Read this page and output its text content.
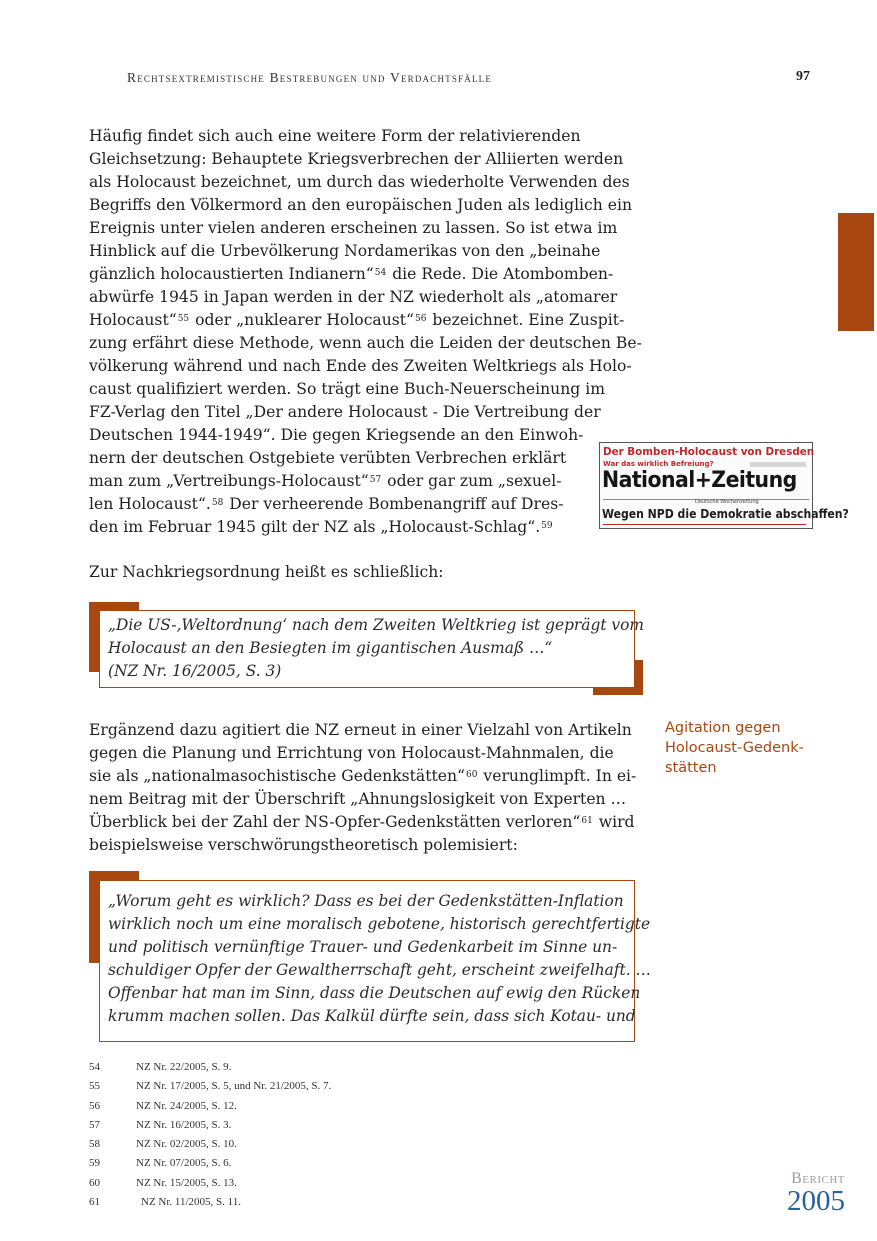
Rechtsextremistische Bestrebungen und Verdachtsfälle	97
Häufig findet sich auch eine weitere Form der relativierenden
Gleichsetzung: Behauptete Kriegsverbrechen der Alliierten werden
als Holocaust bezeichnet, um durch das wiederholte Verwenden des
Begriffs den Völkermord an den europäischen Juden als lediglich ein
Ereignis unter vielen anderen erscheinen zu lassen. So ist etwa im
Hinblick auf die Urbevölkerung Nordamerikas von den „beinahe
gänzlich holocaustierten Indianern“$^{54}$ die Rede. Die Atombomben-
abwürfe 1945 in Japan werden in der NZ wiederholt als „atomarer
Holocaust“$^{55}$ oder „nuklearer Holocaust“$^{56}$ bezeichnet. Eine Zuspit-
zung erfährt diese Methode, wenn auch die Leiden der deutschen Be-
völkerung während und nach Ende des Zweiten Weltkriegs als Holo-
caust qualifiziert werden. So trägt eine Buch-Neuerscheinung im
FZ-Verlag den Titel „Der andere Holocaust - Die Vertreibung der
Deutschen 1944-1949“. Die gegen Kriegsende an den Einwoh-
nern der deutschen Ostgebiete verübten Verbrechen erklärt
man zum „Vertreibungs-Holocaust“$^{57}$ oder gar zum „sexuel-
len Holocaust“.$^{58}$ Der verheerende Bombenangriff auf Dres-
den im Februar 1945 gilt der NZ als „Holocaust-Schlag“.$^{59}$
Der Bomben-Holocaust von Dresden
War das wirklich Befreiung?
National+Zeitung
Deutsche Wochenzeitung
Wegen NPD die Demokratie abschaffen?
Zur Nachkriegsordnung heißt es schließlich:
„Die US-‚Weltordnung‘ nach dem Zweiten Weltkrieg ist geprägt vom
Holocaust an den Besiegten im gigantischen Ausmaß …“
(NZ Nr. 16/2005, S. 3)
Ergänzend dazu agitiert die NZ erneut in einer Vielzahl von Artikeln
gegen die Planung und Errichtung von Holocaust-Mahnmalen, die
sie als „nationalmasochistische Gedenkstätten“$^{60}$ verunglimpft. In ei-
nem Beitrag mit der Überschrift „Ahnungslosigkeit von Experten …
Überblick bei der Zahl der NS-Opfer-Gedenkstätten verloren“$^{61}$ wird
beispielsweise verschwörungstheoretisch polemisiert:
Agitation gegen
Holocaust-Gedenk-
stätten
„Worum geht es wirklich? Dass es bei der Gedenkstätten-Inflation
wirklich noch um eine moralisch gebotene, historisch gerechtfertigte
und politisch vernünftige Trauer- und Gedenkarbeit im Sinne un-
schuldiger Opfer der Gewaltherrschaft geht, erscheint zweifelhaft. …
Offenbar hat man im Sinn, dass die Deutschen auf ewig den Rücken
krumm machen sollen. Das Kalkül dürfte sein, dass sich Kotau- und
54	NZ Nr. 22/2005, S. 9.
55	NZ Nr. 17/2005, S. 5, und Nr. 21/2005, S. 7.
56	NZ Nr. 24/2005, S. 12.
57	NZ Nr. 16/2005, S. 3.
58	NZ Nr. 02/2005, S. 10.
59	NZ Nr. 07/2005, S. 6.
60	NZ Nr. 15/2005, S. 13.
61	NZ Nr. 11/2005, S. 11.
Bericht
2005
